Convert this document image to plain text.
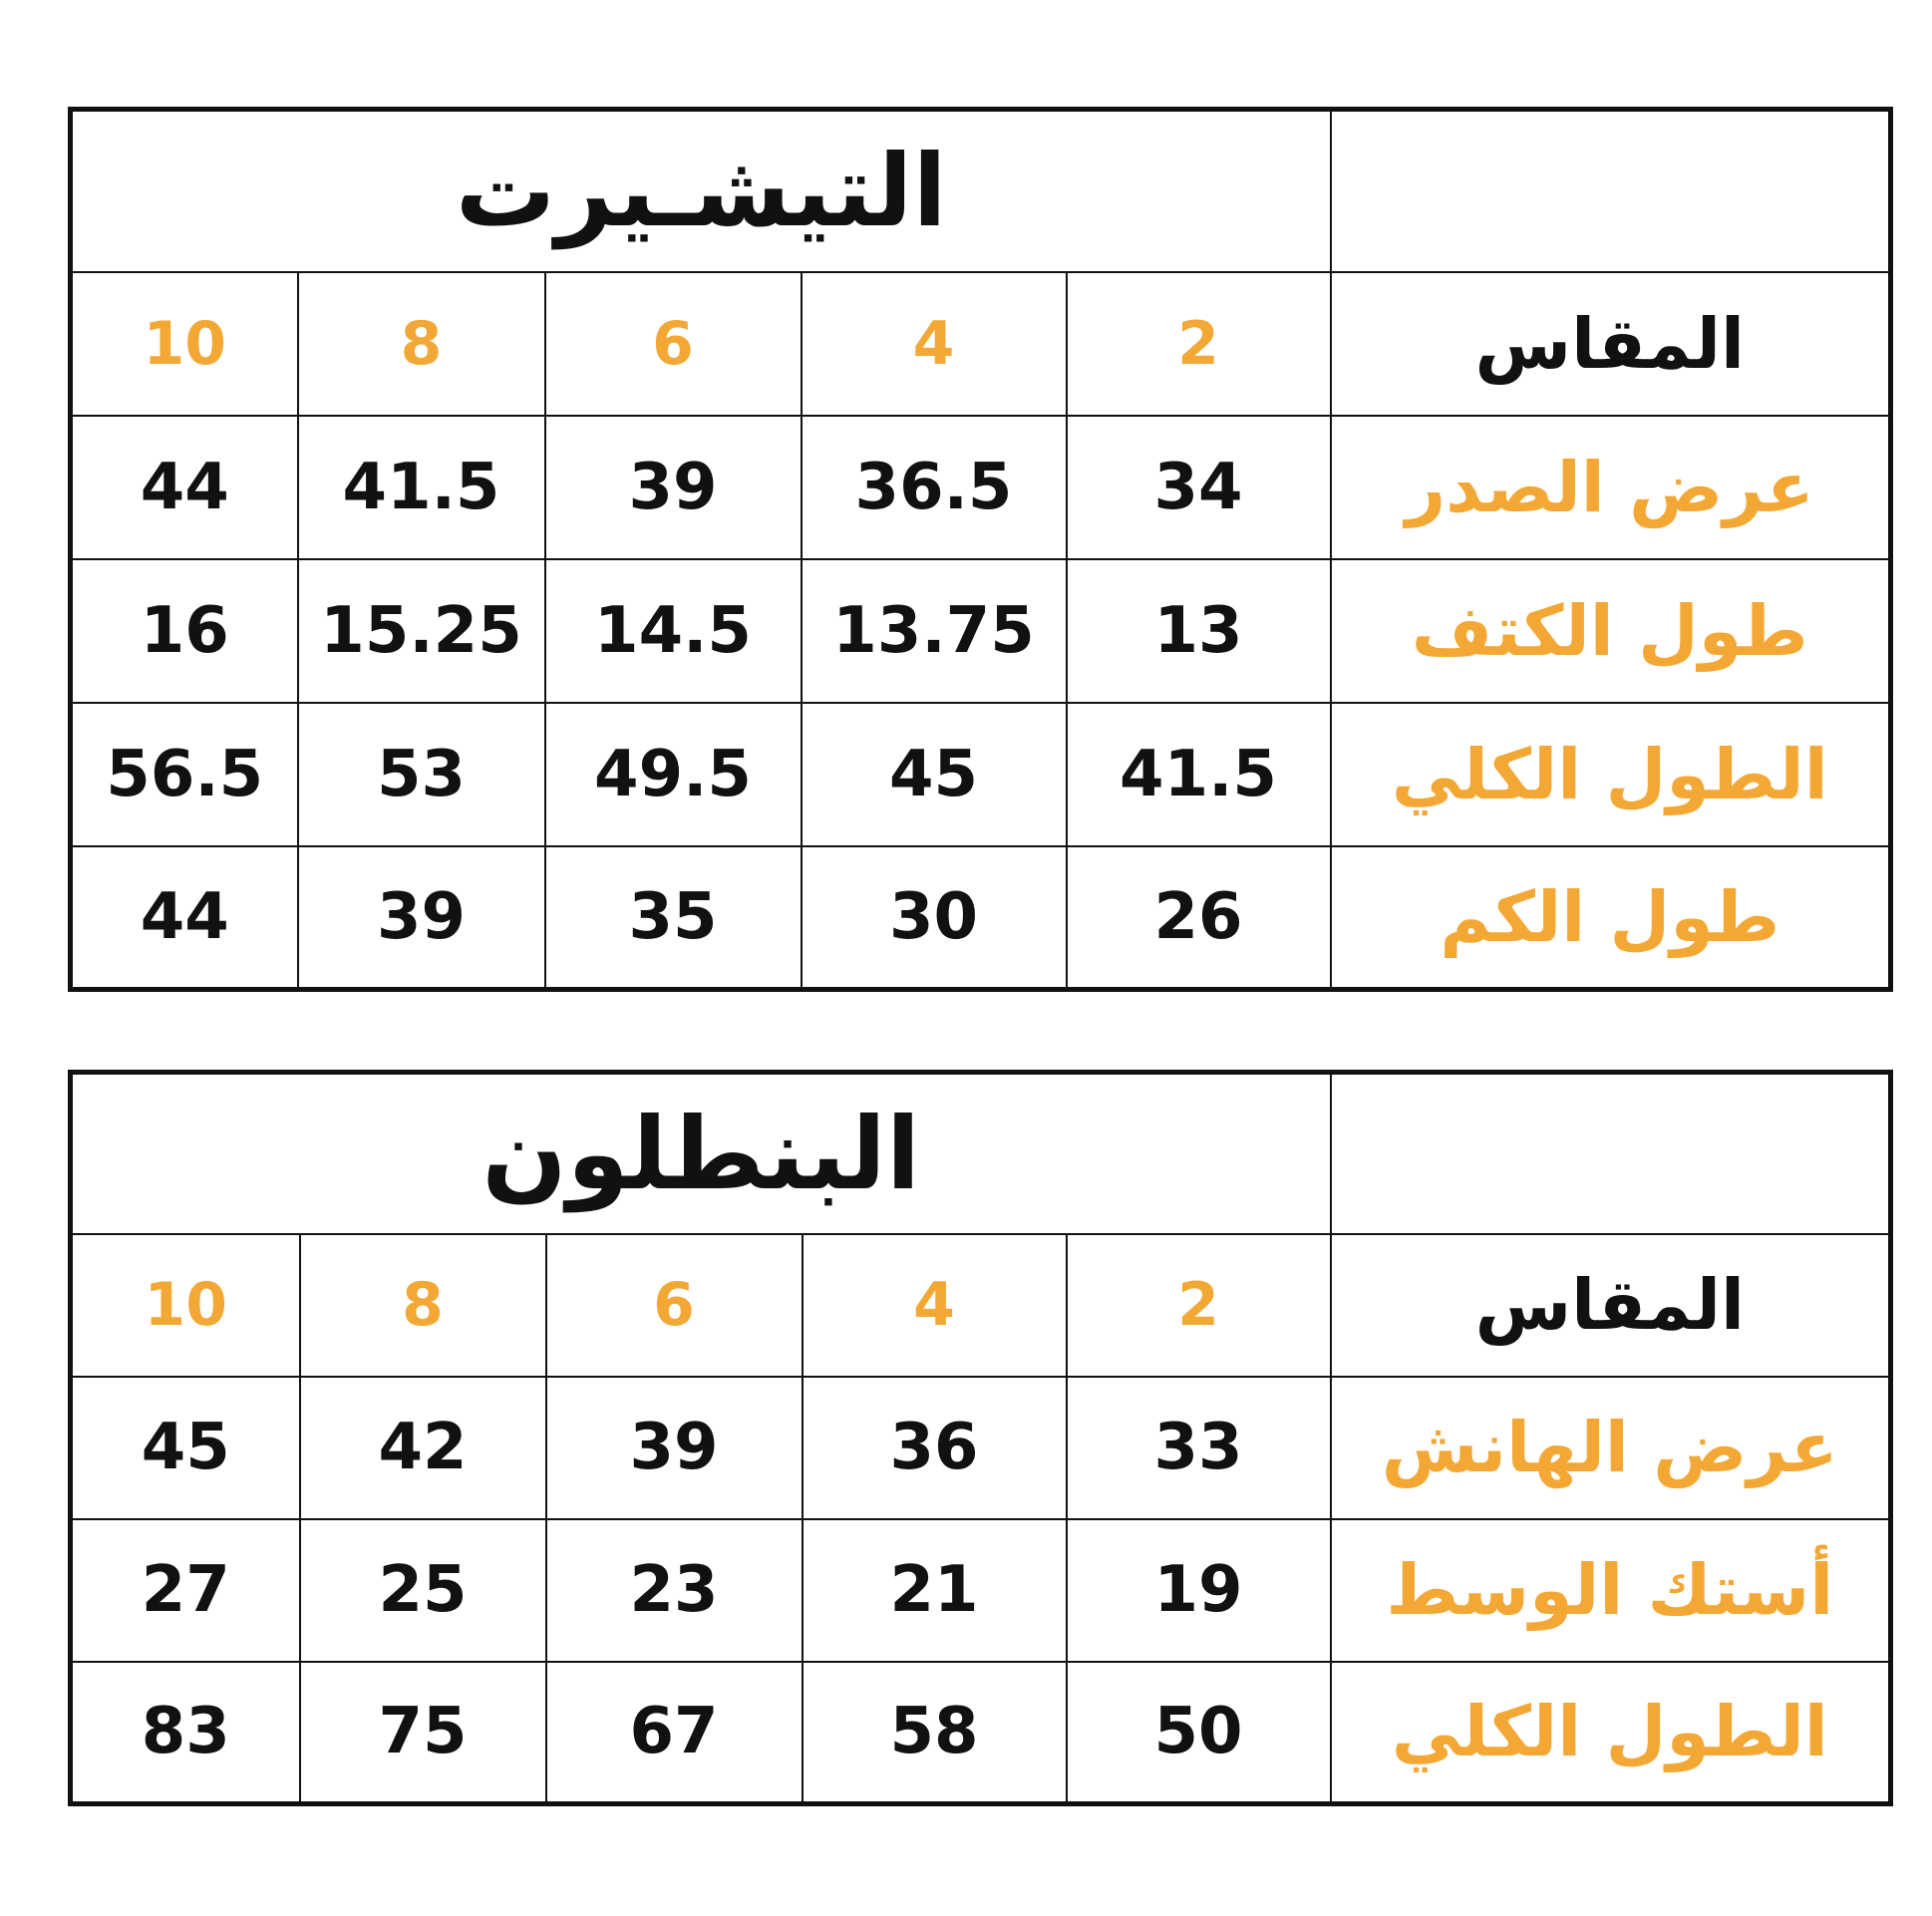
التيشـيرت					
10	8	6	4	2	المقاس
44	41.5	39	36.5	34	عرض الصدر
16	15.25	14.5	13.75	13	طول الكتف
56.5	53	49.5	45	41.5	الطول الكلي
44	39	35	30	26	طول الكم
البنطلون					
10	8	6	4	2	المقاس
45	42	39	36	33	عرض الهانش
27	25	23	21	19	أستك الوسط
83	75	67	58	50	الطول الكلي
